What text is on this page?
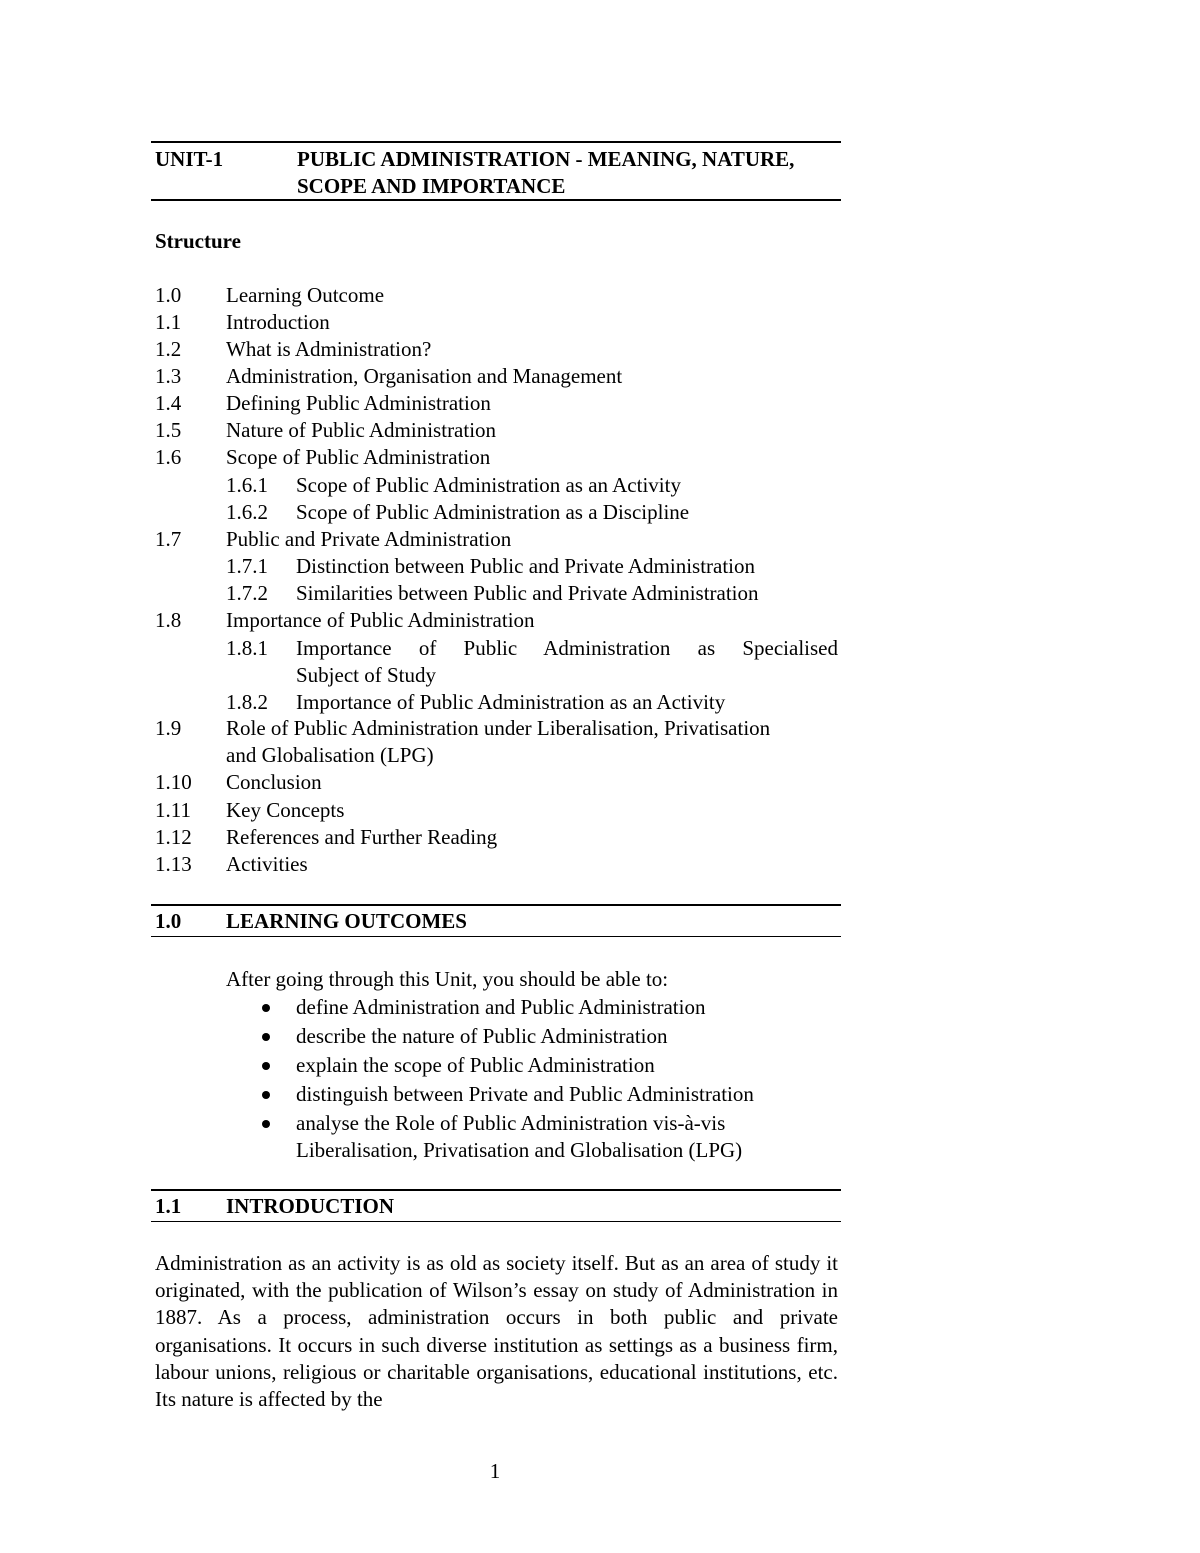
UNIT-1	PUBLIC ADMINISTRATION - MEANING, NATURE, SCOPE AND IMPORTANCE
Structure
1.0 Learning Outcome
1.1 Introduction
1.2 What is Administration?
1.3 Administration, Organisation and Management
1.4 Defining Public Administration
1.5 Nature of Public Administration
1.6 Scope of Public Administration
1.6.1 Scope of Public Administration as an Activity
1.6.2 Scope of Public Administration as a Discipline
1.7 Public and Private Administration
1.7.1 Distinction between Public and Private Administration
1.7.2 Similarities between Public and Private Administration
1.8 Importance of Public Administration
1.8.1 Importance of Public Administration as Specialised
Subject of Study
1.8.2 Importance of Public Administration as an Activity
1.9 Role of Public Administration under Liberalisation, Privatisation
and Globalisation (LPG)
1.10 Conclusion
1.11 Key Concepts
1.12 References and Further Reading
1.13 Activities
1.0 LEARNING OUTCOMES
After going through this Unit, you should be able to:
define Administration and Public Administration
describe the nature of Public Administration
explain the scope of Public Administration
distinguish between Private and Public Administration
analyse the Role of Public Administration vis-à-vis Liberalisation, Privatisation and Globalisation (LPG)
1.1 INTRODUCTION

Administration as an activity is as old as society itself. But as an area of study it originated, with the publication of Wilson’s essay on study of Administration in 1887. As a process, administration occurs in both public and private organisations. It occurs in such diverse institution as settings as a business firm, labour unions, religious or charitable organisations, educational institutions, etc. Its nature is affected by the

1
